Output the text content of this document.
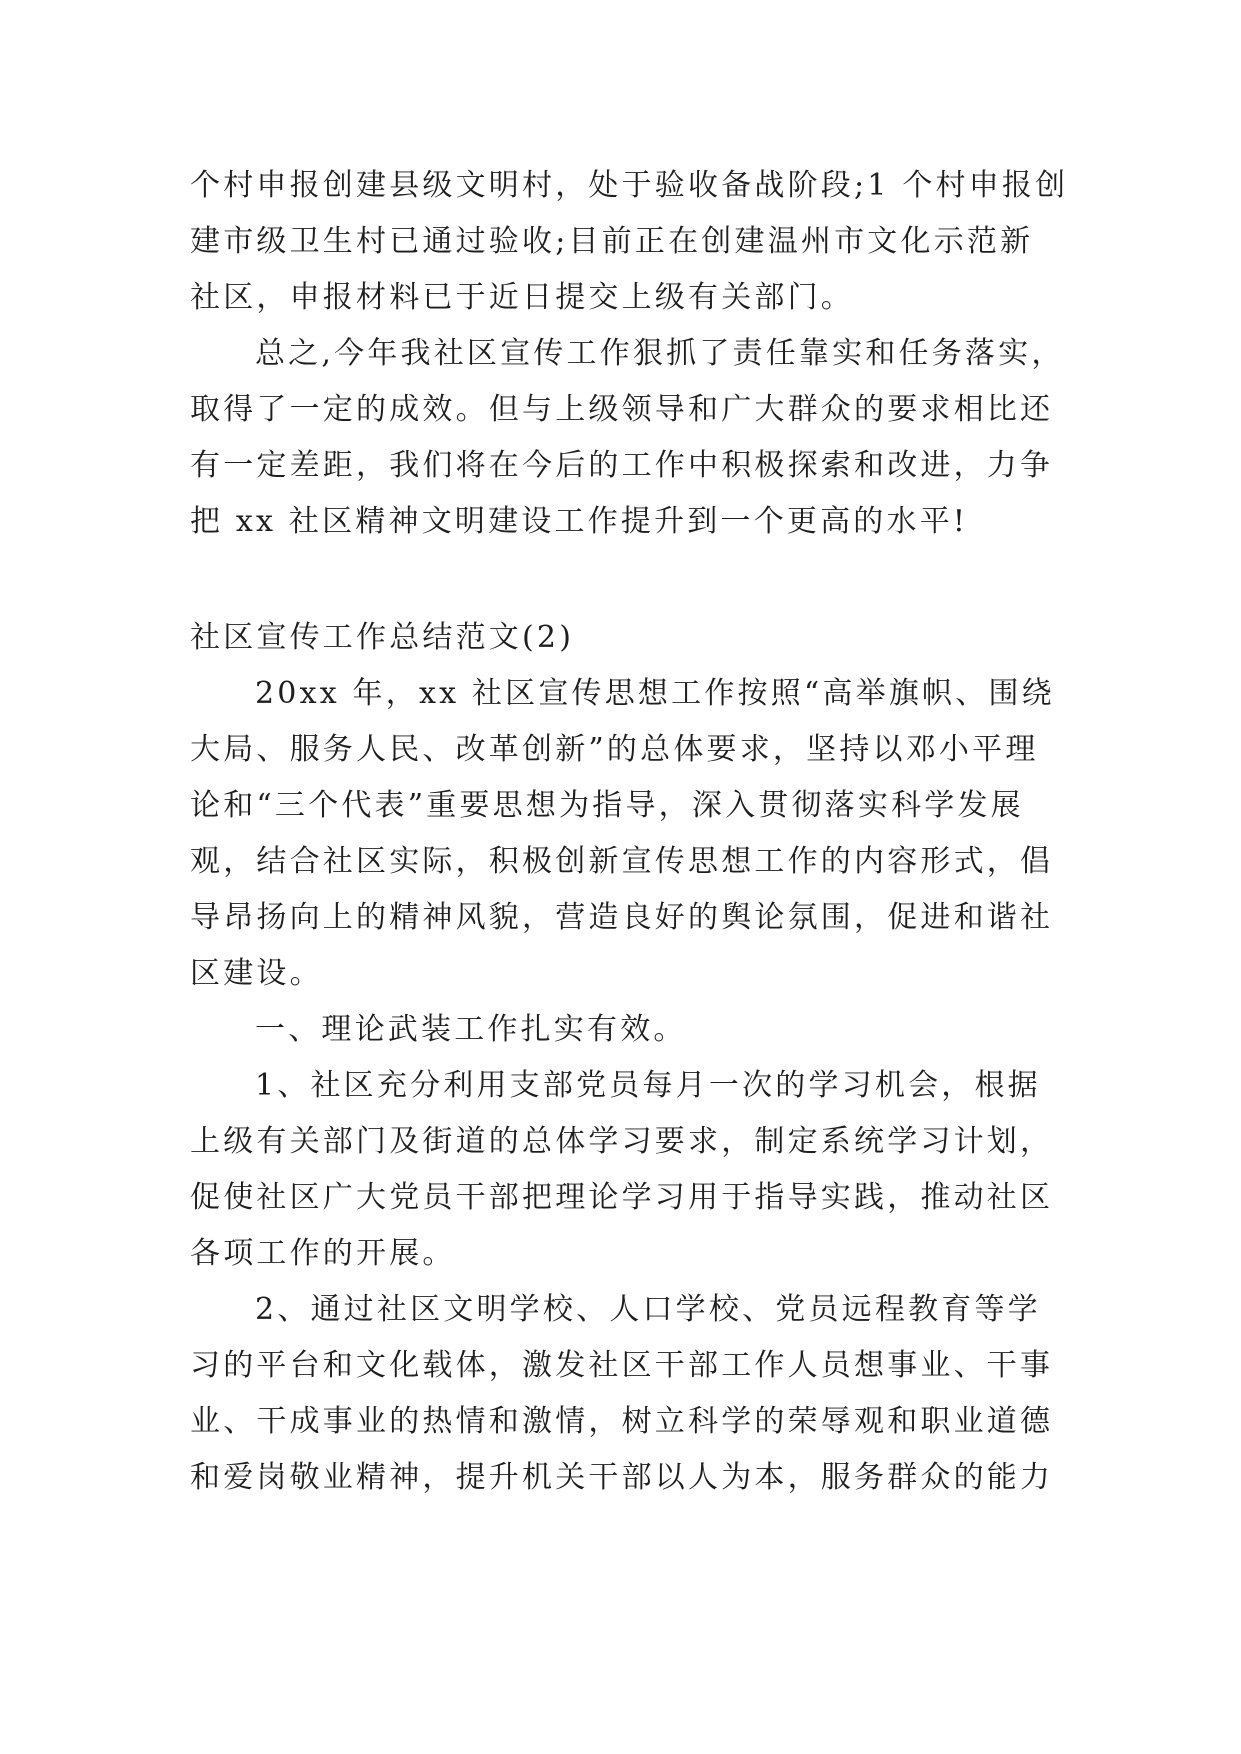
个村申报创建县级文明村，处于验收备战阶段;1 个村申报创
建市级卫生村已通过验收;目前正在创建温州市文化示范新
社区，申报材料已于近日提交上级有关部门。
总之,今年我社区宣传工作狠抓了责任靠实和任务落实，
取得了一定的成效。但与上级领导和广大群众的要求相比还
有一定差距，我们将在今后的工作中积极探索和改进，力争
把 xx 社区精神文明建设工作提升到一个更高的水平!
社区宣传工作总结范文(2)
20xx 年，xx 社区宣传思想工作按照“高举旗帜、围绕
大局、服务人民、改革创新”的总体要求，坚持以邓小平理
论和“三个代表”重要思想为指导，深入贯彻落实科学发展
观，结合社区实际，积极创新宣传思想工作的内容形式，倡
导昂扬向上的精神风貌，营造良好的舆论氛围，促进和谐社
区建设。
一、理论武装工作扎实有效。
1、社区充分利用支部党员每月一次的学习机会，根据
上级有关部门及街道的总体学习要求，制定系统学习计划，
促使社区广大党员干部把理论学习用于指导实践，推动社区
各项工作的开展。
2、通过社区文明学校、人口学校、党员远程教育等学
习的平台和文化载体，激发社区干部工作人员想事业、干事
业、干成事业的热情和激情，树立科学的荣辱观和职业道德
和爱岗敬业精神，提升机关干部以人为本，服务群众的能力
